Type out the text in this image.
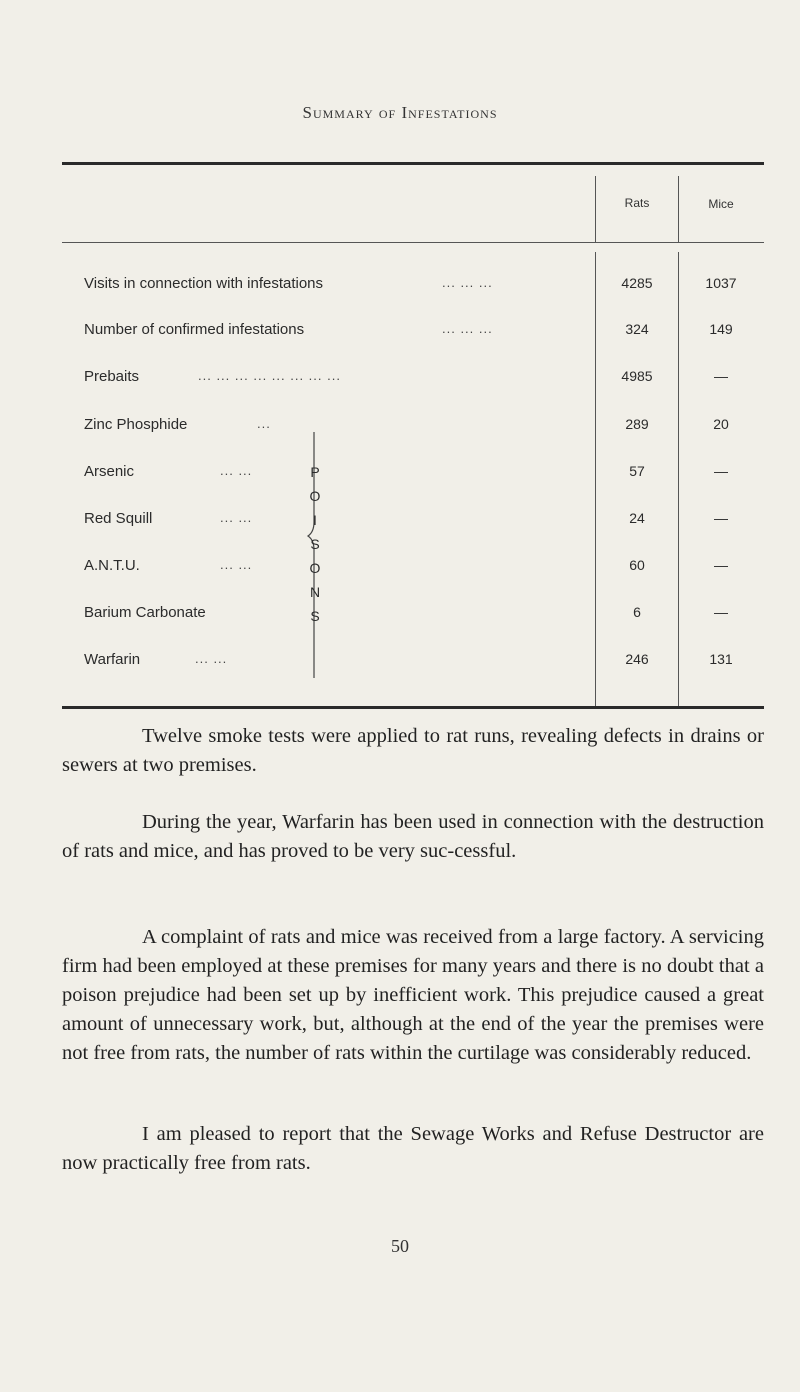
Summary of Infestations
Rats	Mice
Visits in connection with infestations	... ... ...	4285	1037
Number of confirmed infestations	... ... ...	324	149
Prebaits	... ... ... ... ... ... ... ...	4985	—
Zinc Phosphide	...	289	20
Arsenic	... ...	57	—
Red Squill	... ...	24	—
A.N.T.U.	... ...	60	—
Barium Carbonate	6	—
Warfarin	... ...	246	131
P
O
I
S
O
N
S

Twelve smoke tests were applied to rat runs, revealing defects in drains or sewers at two premises.

During the year, Warfarin has been used in connection with the destruction of rats and mice, and has proved to be very suc-cessful.

A complaint of rats and mice was received from a large factory. A servicing firm had been employed at these premises for many years and there is no doubt that a poison prejudice had been set up by inefficient work. This prejudice caused a great amount of unnecessary work, but, although at the end of the year the premises were not free from rats, the number of rats within the curtilage was considerably reduced.

I am pleased to report that the Sewage Works and Refuse Destructor are now practically free from rats.

50
